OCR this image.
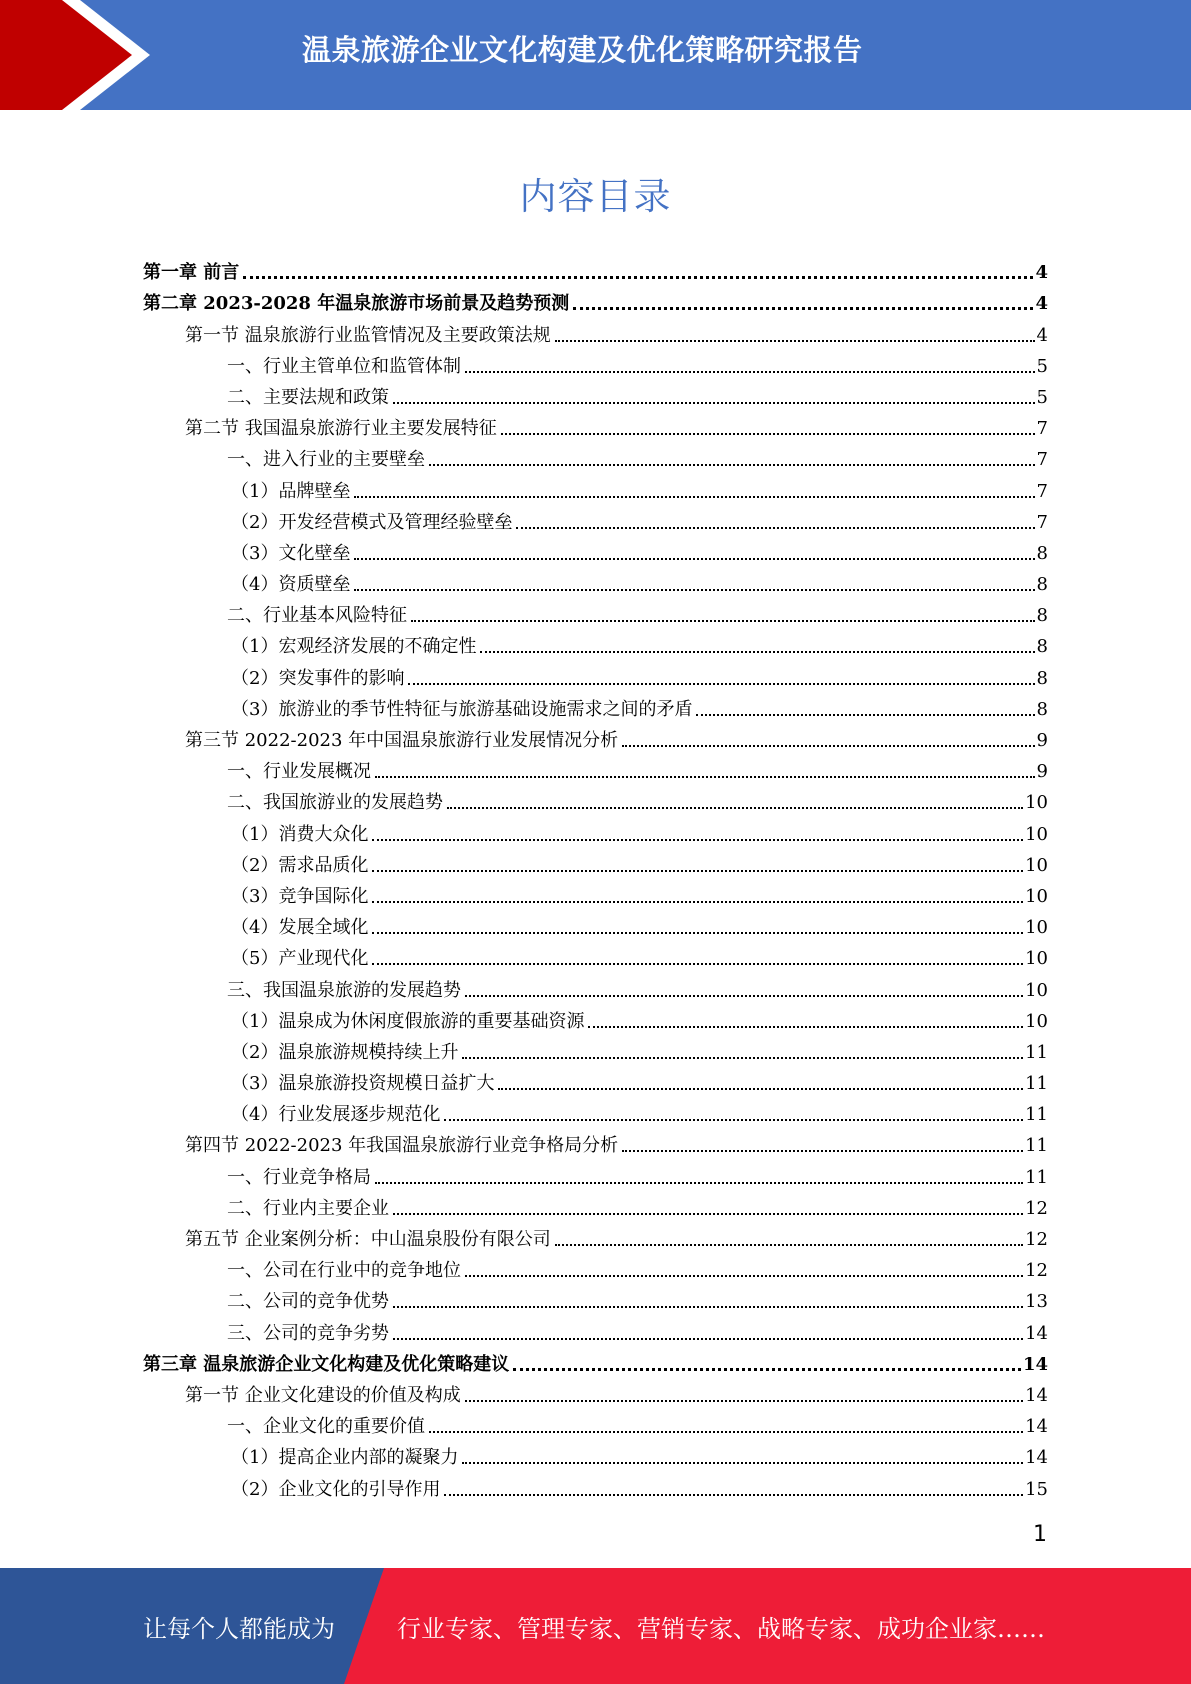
温泉旅游企业文化构建及优化策略研究报告
内容目录
第一章 前言	4
第二章 2023-2028 年温泉旅游市场前景及趋势预测	4
第一节 温泉旅游行业监管情况及主要政策法规	4
一、行业主管单位和监管体制	5
二、主要法规和政策	5
第二节 我国温泉旅游行业主要发展特征	7
一、进入行业的主要壁垒	7
（1）品牌壁垒	7
（2）开发经营模式及管理经验壁垒	7
（3）文化壁垒	8
（4）资质壁垒	8
二、行业基本风险特征	8
（1）宏观经济发展的不确定性	8
（2）突发事件的影响	8
（3）旅游业的季节性特征与旅游基础设施需求之间的矛盾	8
第三节 2022-2023 年中国温泉旅游行业发展情况分析	9
一、行业发展概况	9
二、我国旅游业的发展趋势	10
（1）消费大众化	10
（2）需求品质化	10
（3）竞争国际化	10
（4）发展全域化	10
（5）产业现代化	10
三、我国温泉旅游的发展趋势	10
（1）温泉成为休闲度假旅游的重要基础资源	10
（2）温泉旅游规模持续上升	11
（3）温泉旅游投资规模日益扩大	11
（4）行业发展逐步规范化	11
第四节 2022-2023 年我国温泉旅游行业竞争格局分析	11
一、行业竞争格局	11
二、行业内主要企业	12
第五节 企业案例分析：中山温泉股份有限公司	12
一、公司在行业中的竞争地位	12
二、公司的竞争优势	13
三、公司的竞争劣势	14
第三章 温泉旅游企业文化构建及优化策略建议	14
第一节 企业文化建设的价值及构成	14
一、企业文化的重要价值	14
（1）提高企业内部的凝聚力	14
（2）企业文化的引导作用	15
1
让每个人都能成为	行业专家、管理专家、营销专家、战略专家、成功企业家……
